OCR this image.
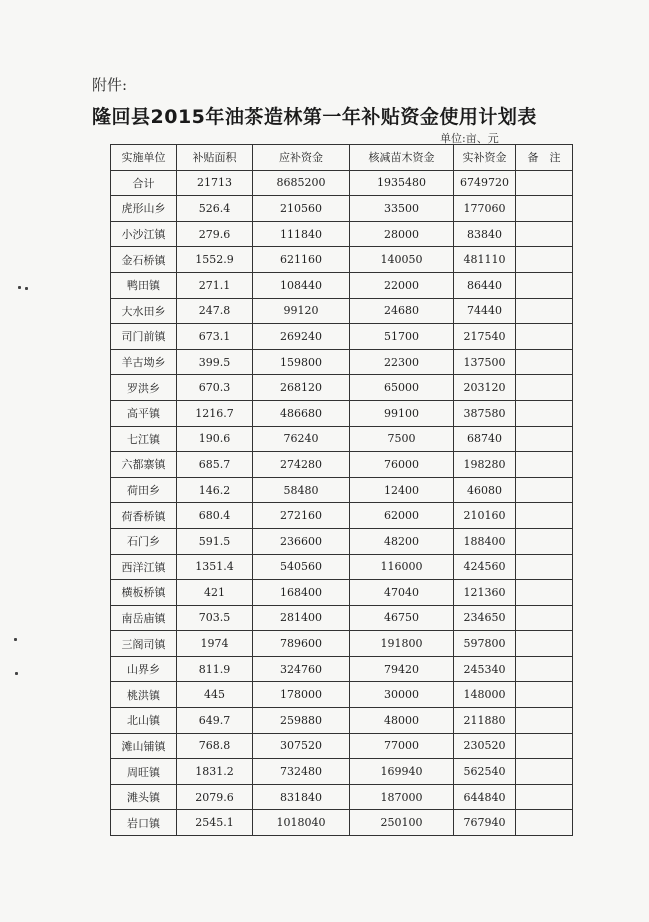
附件:
隆回县2015年油茶造林第一年补贴资金使用计划表
单位:亩、元
实施单位	补贴面积	应补资金	核减苗木资金	实补资金	备　注
合计	21713	8685200	1935480	6749720	
虎形山乡	526.4	210560	33500	177060	
小沙江镇	279.6	111840	28000	83840	
金石桥镇	1552.9	621160	140050	481110	
鸭田镇	271.1	108440	22000	86440	
大水田乡	247.8	99120	24680	74440	
司门前镇	673.1	269240	51700	217540	
羊古坳乡	399.5	159800	22300	137500	
罗洪乡	670.3	268120	65000	203120	
高平镇	1216.7	486680	99100	387580	
七江镇	190.6	76240	7500	68740	
六都寨镇	685.7	274280	76000	198280	
荷田乡	146.2	58480	12400	46080	
荷香桥镇	680.4	272160	62000	210160	
石门乡	591.5	236600	48200	188400	
西洋江镇	1351.4	540560	116000	424560	
横板桥镇	421	168400	47040	121360	
南岳庙镇	703.5	281400	46750	234650	
三阁司镇	1974	789600	191800	597800	
山界乡	811.9	324760	79420	245340	
桃洪镇	445	178000	30000	148000	
北山镇	649.7	259880	48000	211880	
滩山铺镇	768.8	307520	77000	230520	
周旺镇	1831.2	732480	169940	562540	
滩头镇	2079.6	831840	187000	644840	
岩口镇	2545.1	1018040	250100	767940	
